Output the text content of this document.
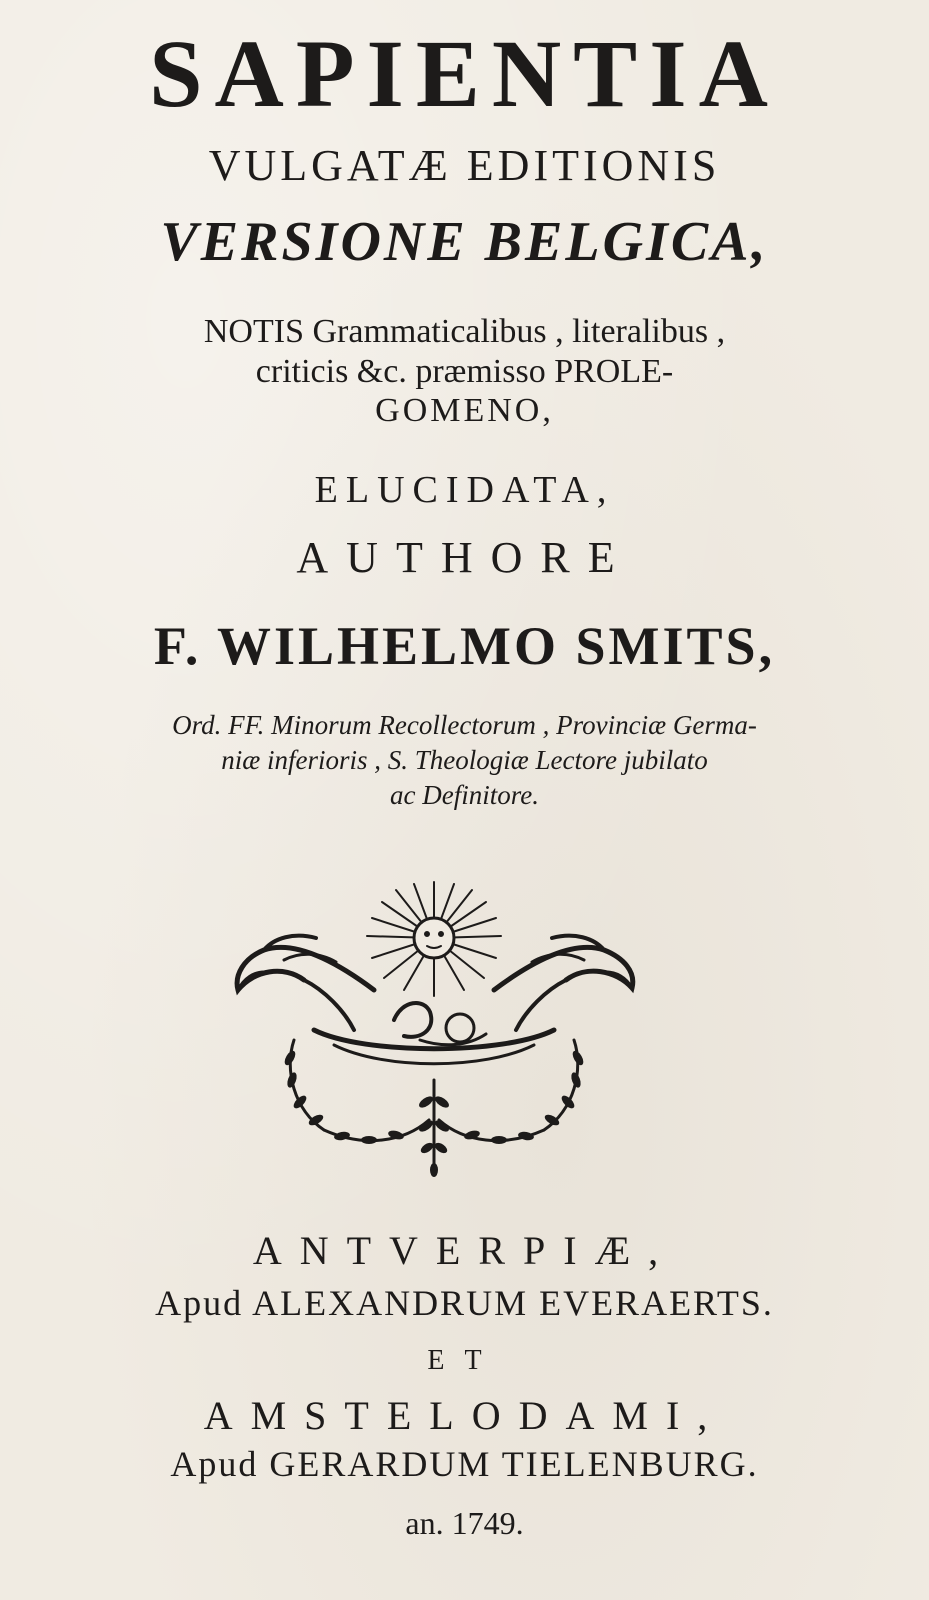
SAPIENTIA
VULGATÆ EDITIONIS
VERSIONE BELGICA,
NOTIS Grammaticalibus , literalibus ,
criticis &c. præmisso PROLE-
GOMENO,
ELUCIDATA,
AUTHORE
F. WILHELMO SMITS,
Ord. FF. Minorum Recollectorum , Provinciæ Germa-
niæ inferioris , S. Theologiæ Lectore jubilato
ac Definitore.
ANTVERPIÆ,
Apud ALEXANDRUM EVERAERTS.
ET
AMSTELODAMI,
Apud GERARDUM TIELENBURG.
an. 1749.
